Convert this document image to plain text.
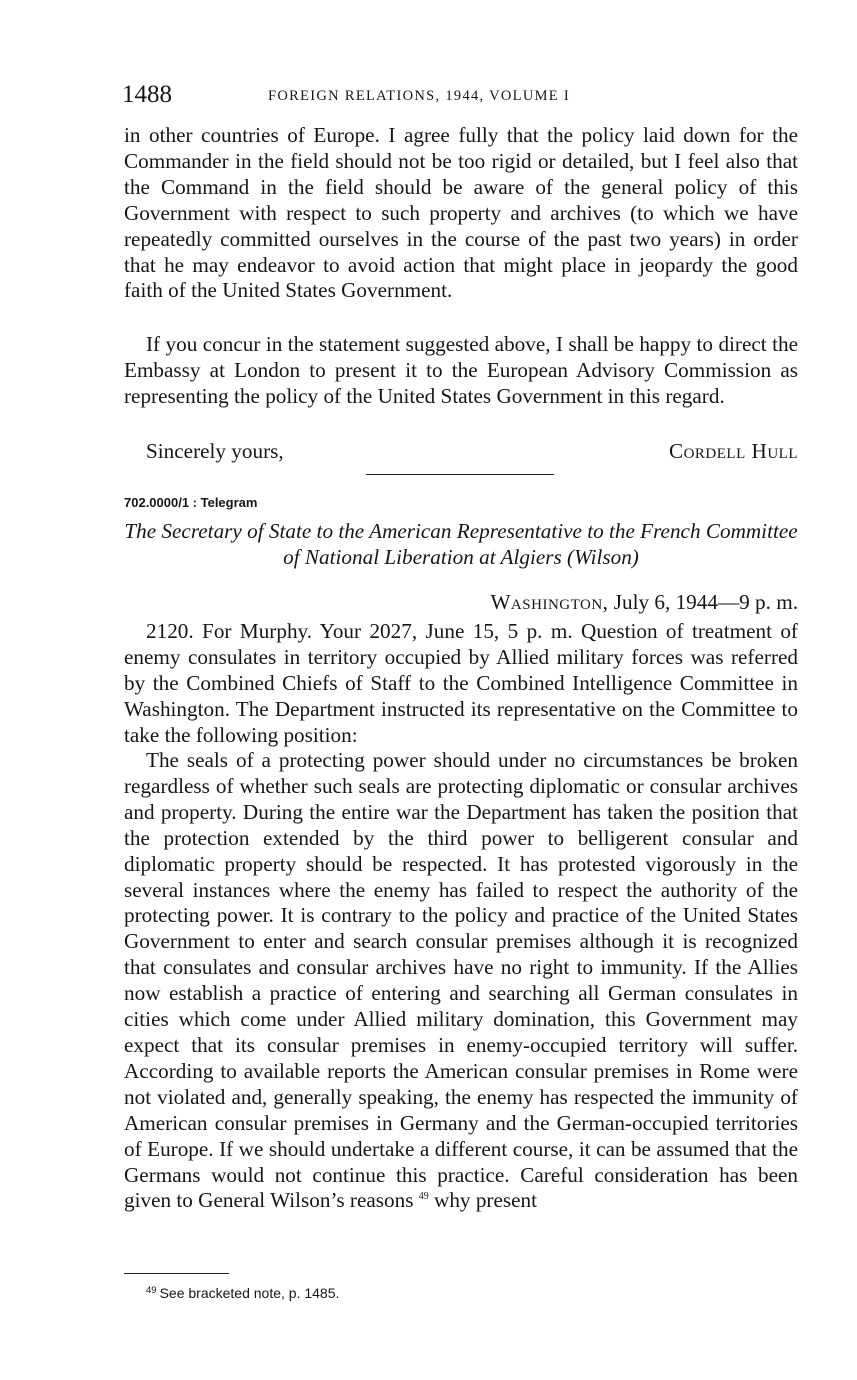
1488	FOREIGN RELATIONS, 1944, VOLUME I

in other countries of Europe. I agree fully that the policy laid down for the Commander in the field should not be too rigid or detailed, but I feel also that the Command in the field should be aware of the general policy of this Government with respect to such property and archives (to which we have repeatedly committed ourselves in the course of the past two years) in order that he may endeavor to avoid action that might place in jeopardy the good faith of the United States Government.

If you concur in the statement suggested above, I shall be happy to direct the Embassy at London to present it to the European Advisory Commission as representing the policy of the United States Government in this regard.

Sincerely yours,	Cordell Hull
702.0000/1 : Telegram

The Secretary of State to the American Representative to the French Committee of National Liberation at Algiers (Wilson)

Washington, July 6, 1944—9 p. m.

2120. For Murphy. Your 2027, June 15, 5 p. m. Question of treatment of enemy consulates in territory occupied by Allied military forces was referred by the Combined Chiefs of Staff to the Combined Intelligence Committee in Washington. The Department instructed its representative on the Committee to take the following position:

The seals of a protecting power should under no circumstances be broken regardless of whether such seals are protecting diplomatic or consular archives and property. During the entire war the Department has taken the position that the protection extended by the third power to belligerent consular and diplomatic property should be respected. It has protested vigorously in the several instances where the enemy has failed to respect the authority of the protecting power. It is contrary to the policy and practice of the United States Government to enter and search consular premises although it is recognized that consulates and consular archives have no right to immunity. If the Allies now establish a practice of entering and searching all German consulates in cities which come under Allied military domination, this Government may expect that its consular premises in enemy-occupied territory will suffer. According to available reports the American consular premises in Rome were not violated and, generally speaking, the enemy has respected the immunity of American consular premises in Germany and the German-occupied territories of Europe. If we should undertake a different course, it can be assumed that the Germans would not continue this practice. Careful consideration has been given to General Wilson’s reasons $^{49}$ why present

$^{49}$ See bracketed note, p. 1485.
